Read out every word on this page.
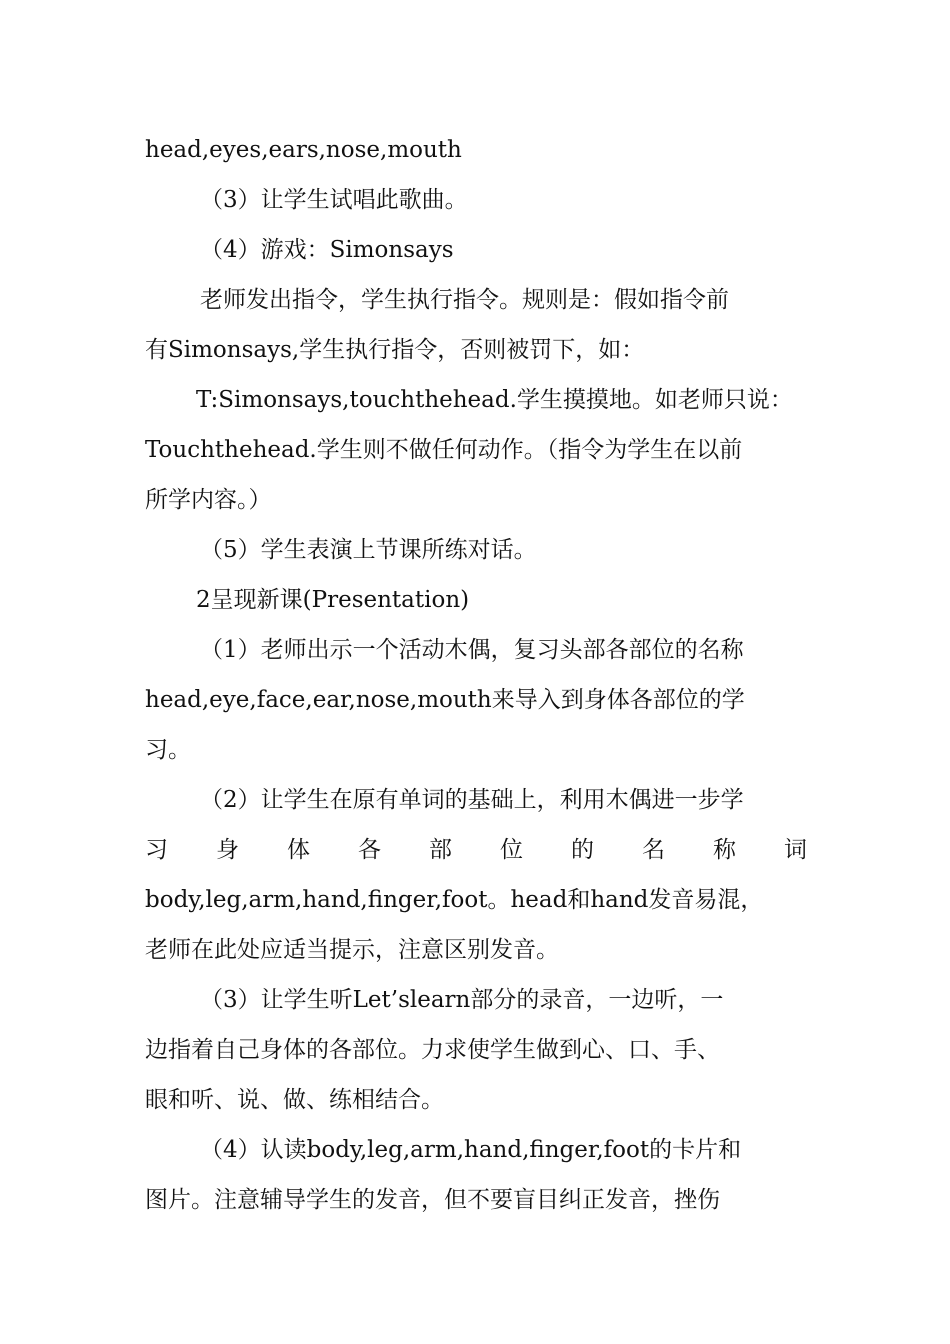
head,eyes,ears,nose,mouth
（3）让学生试唱此歌曲。
（4）游戏：Simonsays
老师发出指令，学生执行指令。规则是：假如指令前
有Simonsays,学生执行指令，否则被罚下，如：
T:Simonsays,touchthehead.学生摸摸地。如老师只说：
Touchthehead.学生则不做任何动作。（指令为学生在以前
所学内容。）
（5）学生表演上节课所练对话。
2呈现新课(Presentation)
（1）老师出示一个活动木偶，复习头部各部位的名称
head,eye,face,ear,nose,mouth来导入到身体各部位的学
习。
（2）让学生在原有单词的基础上，利用木偶进一步学
习 身 体 各 部 位 的 名 称 词
body,leg,arm,hand,finger,foot。head和hand发音易混，
老师在此处应适当提示，注意区别发音。
（3）让学生听Let’slearn部分的录音，一边听，一
边指着自己身体的各部位。力求使学生做到心、口、手、
眼和听、说、做、练相结合。
（4）认读body,leg,arm,hand,finger,foot的卡片和
图片。注意辅导学生的发音，但不要盲目纠正发音，挫伤
